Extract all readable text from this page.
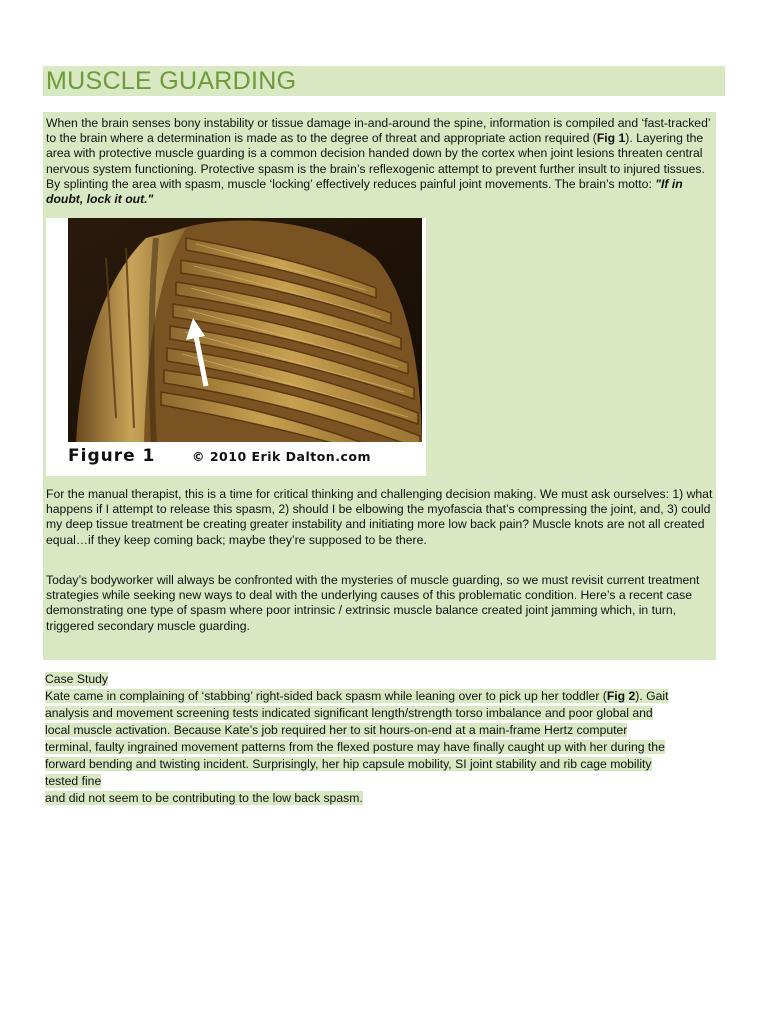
MUSCLE GUARDING

When the brain senses bony instability or tissue damage in-and-around the spine, information is compiled and ‘fast-tracked’ to the brain where a determination is made as to the degree of threat and appropriate action required (Fig 1). Layering the area with protective muscle guarding is a common decision handed down by the cortex when joint lesions threaten central nervous system functioning. Protective spasm is the brain’s reflexogenic attempt to prevent further insult to injured tissues. By splinting the area with spasm, muscle ‘locking’ effectively reduces painful joint movements. The brain’s motto: "If in doubt, lock it out."

Figure 1	© 2010 Erik Dalton.com

For the manual therapist, this is a time for critical thinking and challenging decision making. We must ask ourselves: 1) what happens if I attempt to release this spasm, 2) should I be elbowing the myofascia that’s compressing the joint, and, 3) could my deep tissue treatment be creating greater instability and initiating more low back pain? Muscle knots are not all created equal…if they keep coming back; maybe they’re supposed to be there.

Today’s bodyworker will always be confronted with the mysteries of muscle guarding, so we must revisit current treatment strategies while seeking new ways to deal with the underlying causes of this problematic condition. Here’s a recent case demonstrating one type of spasm where poor intrinsic / extrinsic muscle balance created joint jamming which, in turn, triggered secondary muscle guarding.

Case Study
Kate came in complaining of ‘stabbing’ right-sided back spasm while leaning over to pick up her toddler (Fig 2). Gait
analysis and movement screening tests indicated significant length/strength torso imbalance and poor global and
local muscle activation. Because Kate’s job required her to sit hours-on-end at a main-frame Hertz computer
terminal, faulty ingrained movement patterns from the flexed posture may have finally caught up with her during the
forward bending and twisting incident. Surprisingly, her hip capsule mobility, SI joint stability and rib cage mobility
tested fine
and did not seem to be contributing to the low back spasm.
